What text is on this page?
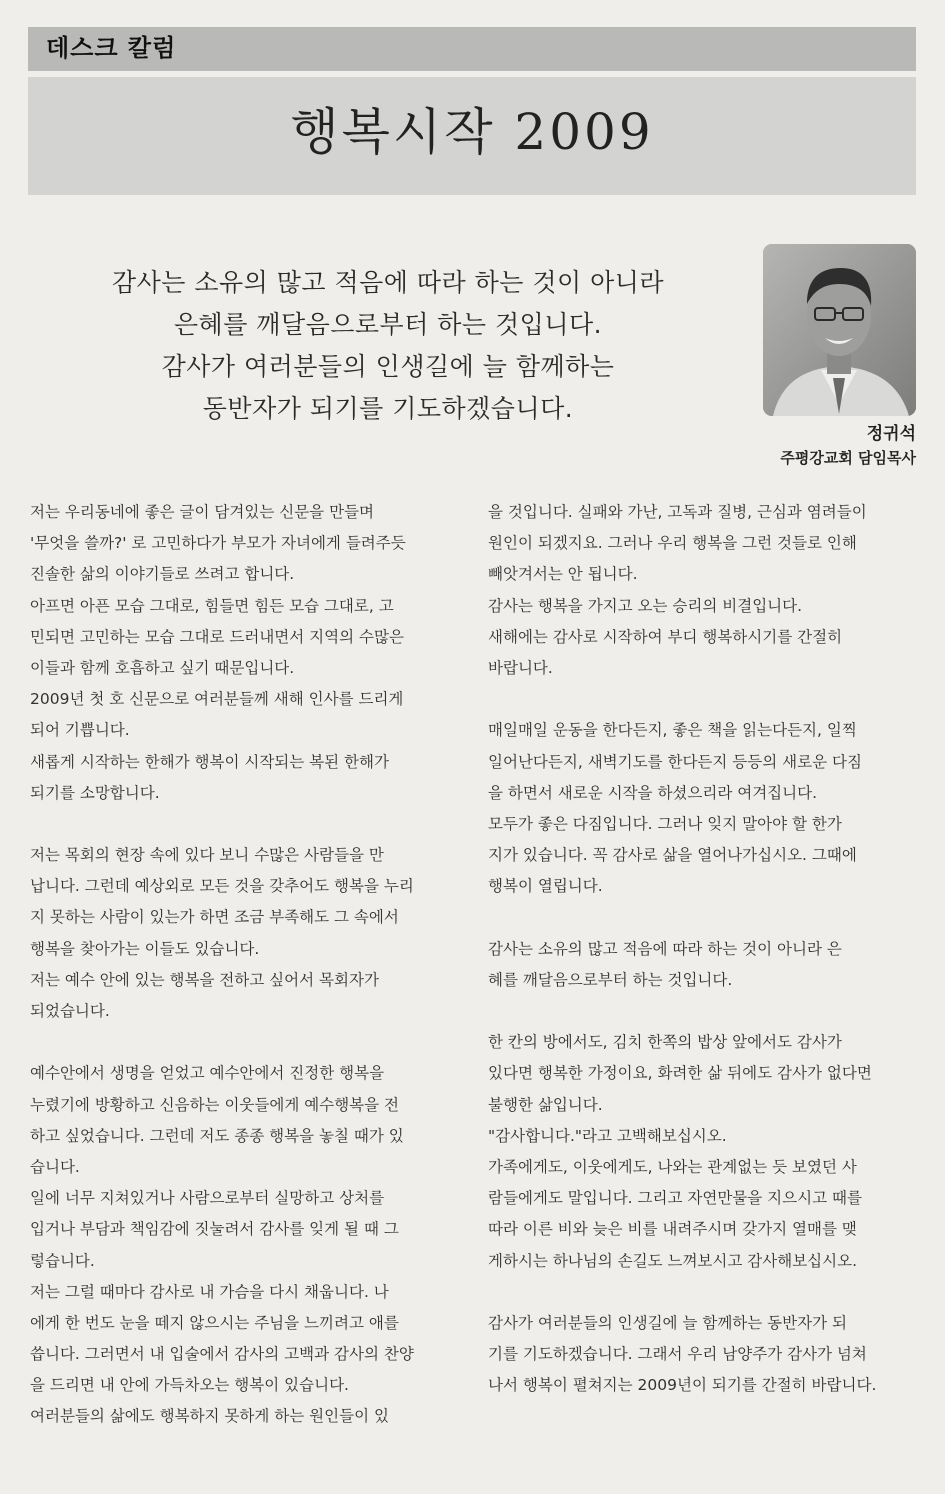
데스크 칼럼
행복시작 2009
감사는 소유의 많고 적음에 따라 하는 것이 아니라
은혜를 깨달음으로부터 하는 것입니다.
감사가 여러분들의 인생길에 늘 함께하는
동반자가 되기를 기도하겠습니다.
정귀석
주평강교회 담임목사
저는 우리동네에 좋은 글이 담겨있는 신문을 만들며
'무엇을 쓸까?' 로 고민하다가 부모가 자녀에게 들려주듯
진솔한 삶의 이야기들로 쓰려고 합니다.
아프면 아픈 모습 그대로, 힘들면 힘든 모습 그대로, 고
민되면 고민하는 모습 그대로 드러내면서 지역의 수많은
이들과 함께 호흡하고 싶기 때문입니다.
2009년 첫 호 신문으로 여러분들께 새해 인사를 드리게
되어 기쁩니다.
새롭게 시작하는 한해가 행복이 시작되는 복된 한해가
되기를 소망합니다.
저는 목회의 현장 속에 있다 보니 수많은 사람들을 만
납니다. 그런데 예상외로 모든 것을 갖추어도 행복을 누리
지 못하는 사람이 있는가 하면 조금 부족해도 그 속에서
행복을 찾아가는 이들도 있습니다.
저는 예수 안에 있는 행복을 전하고 싶어서 목회자가
되었습니다.
예수안에서 생명을 얻었고 예수안에서 진정한 행복을
누렸기에 방황하고 신음하는 이웃들에게 예수행복을 전
하고 싶었습니다. 그런데 저도 종종 행복을 놓칠 때가 있
습니다.
일에 너무 지쳐있거나 사람으로부터 실망하고 상처를
입거나 부담과 책임감에 짓눌려서 감사를 잊게 될 때 그
렇습니다.
저는 그럴 때마다 감사로 내 가슴을 다시 채웁니다. 나
에게 한 번도 눈을 떼지 않으시는 주님을 느끼려고 애를
씁니다. 그러면서 내 입술에서 감사의 고백과 감사의 찬양
을 드리면 내 안에 가득차오는 행복이 있습니다.
여러분들의 삶에도 행복하지 못하게 하는 원인들이 있
을 것입니다. 실패와 가난, 고독과 질병, 근심과 염려들이
원인이 되겠지요. 그러나 우리 행복을 그런 것들로 인해
빼앗겨서는 안 됩니다.
감사는 행복을 가지고 오는 승리의 비결입니다.
새해에는 감사로 시작하여 부디 행복하시기를 간절히
바랍니다.
매일매일 운동을 한다든지, 좋은 책을 읽는다든지, 일찍
일어난다든지, 새벽기도를 한다든지 등등의 새로운 다짐
을 하면서 새로운 시작을 하셨으리라 여겨집니다.
모두가 좋은 다짐입니다. 그러나 잊지 말아야 할 한가
지가 있습니다. 꼭 감사로 삶을 열어나가십시오. 그때에
행복이 열립니다.
감사는 소유의 많고 적음에 따라 하는 것이 아니라 은
혜를 깨달음으로부터 하는 것입니다.
한 칸의 방에서도, 김치 한쪽의 밥상 앞에서도 감사가
있다면 행복한 가정이요, 화려한 삶 뒤에도 감사가 없다면
불행한 삶입니다.
"감사합니다."라고 고백해보십시오.
가족에게도, 이웃에게도, 나와는 관계없는 듯 보였던 사
람들에게도 말입니다. 그리고 자연만물을 지으시고 때를
따라 이른 비와 늦은 비를 내려주시며 갖가지 열매를 맺
게하시는 하나님의 손길도 느껴보시고 감사해보십시오.
감사가 여러분들의 인생길에 늘 함께하는 동반자가 되
기를 기도하겠습니다. 그래서 우리 남양주가 감사가 넘쳐
나서 행복이 펼쳐지는 2009년이 되기를 간절히 바랍니다.
